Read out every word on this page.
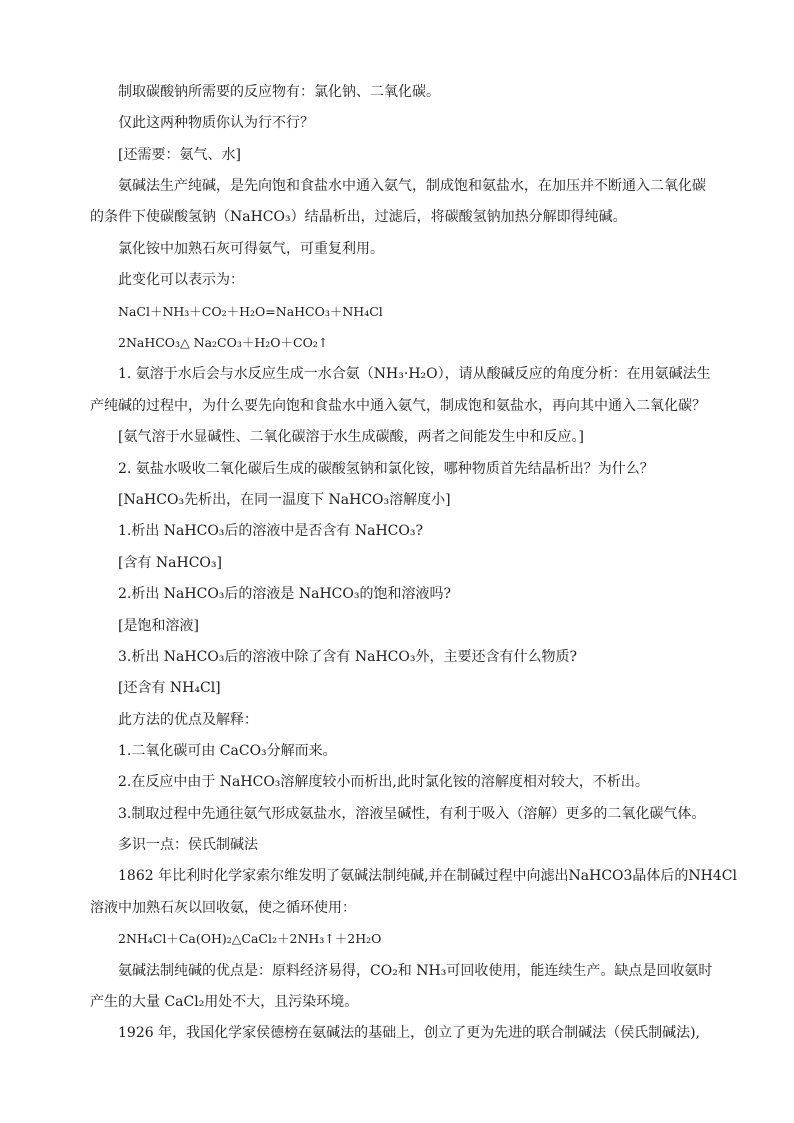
制取碳酸钠所需要的反应物有：氯化钠、二氧化碳。
仅此这两种物质你认为行不行？
[还需要：氨气、水]
氨碱法生产纯碱，是先向饱和食盐水中通入氨气，制成饱和氨盐水，在加压并不断通入二氧化碳
的条件下使碳酸氢钠（NaHCO₃）结晶析出，过滤后，将碳酸氢钠加热分解即得纯碱。
氯化铵中加熟石灰可得氨气，可重复利用。
此变化可以表示为：
NaCl＋NH₃＋CO₂＋H₂O=NaHCO₃＋NH₄Cl
2NaHCO₃△ Na₂CO₃＋H₂O＋CO₂↑
1. 氨溶于水后会与水反应生成一水合氨（NH₃·H₂O），请从酸碱反应的角度分析：在用氨碱法生
产纯碱的过程中，为什么要先向饱和食盐水中通入氨气，制成饱和氨盐水，再向其中通入二氧化碳？
[氨气溶于水显碱性、二氧化碳溶于水生成碳酸，两者之间能发生中和反应。]
2. 氨盐水吸收二氧化碳后生成的碳酸氢钠和氯化铵，哪种物质首先结晶析出？为什么？
[NaHCO₃先析出，在同一温度下 NaHCO₃溶解度小]
1.析出 NaHCO₃后的溶液中是否含有 NaHCO₃?
[含有 NaHCO₃]
2.析出 NaHCO₃后的溶液是 NaHCO₃的饱和溶液吗?
[是饱和溶液]
3.析出 NaHCO₃后的溶液中除了含有 NaHCO₃外，主要还含有什么物质?
[还含有 NH₄Cl]
此方法的优点及解释：
1.二氧化碳可由 CaCO₃分解而来。
2.在反应中由于 NaHCO₃溶解度较小而析出,此时氯化铵的溶解度相对较大，不析出。
3.制取过程中先通往氨气形成氨盐水，溶液呈碱性，有利于吸入（溶解）更多的二氧化碳气体。
多识一点：侯氏制碱法
1862 年比利时化学家索尔维发明了氨碱法制纯碱,并在制碱过程中向滤出NaHCO3晶体后的NH4Cl
溶液中加熟石灰以回收氨，使之循环使用：
2NH₄Cl＋Ca(OH)₂△CaCl₂＋2NH₃↑＋2H₂O
氨碱法制纯碱的优点是：原料经济易得，CO₂和 NH₃可回收使用，能连续生产。缺点是回收氨时
产生的大量 CaCl₂用处不大，且污染环境。
1926 年，我国化学家侯德榜在氨碱法的基础上，创立了更为先进的联合制碱法（侯氏制碱法),
